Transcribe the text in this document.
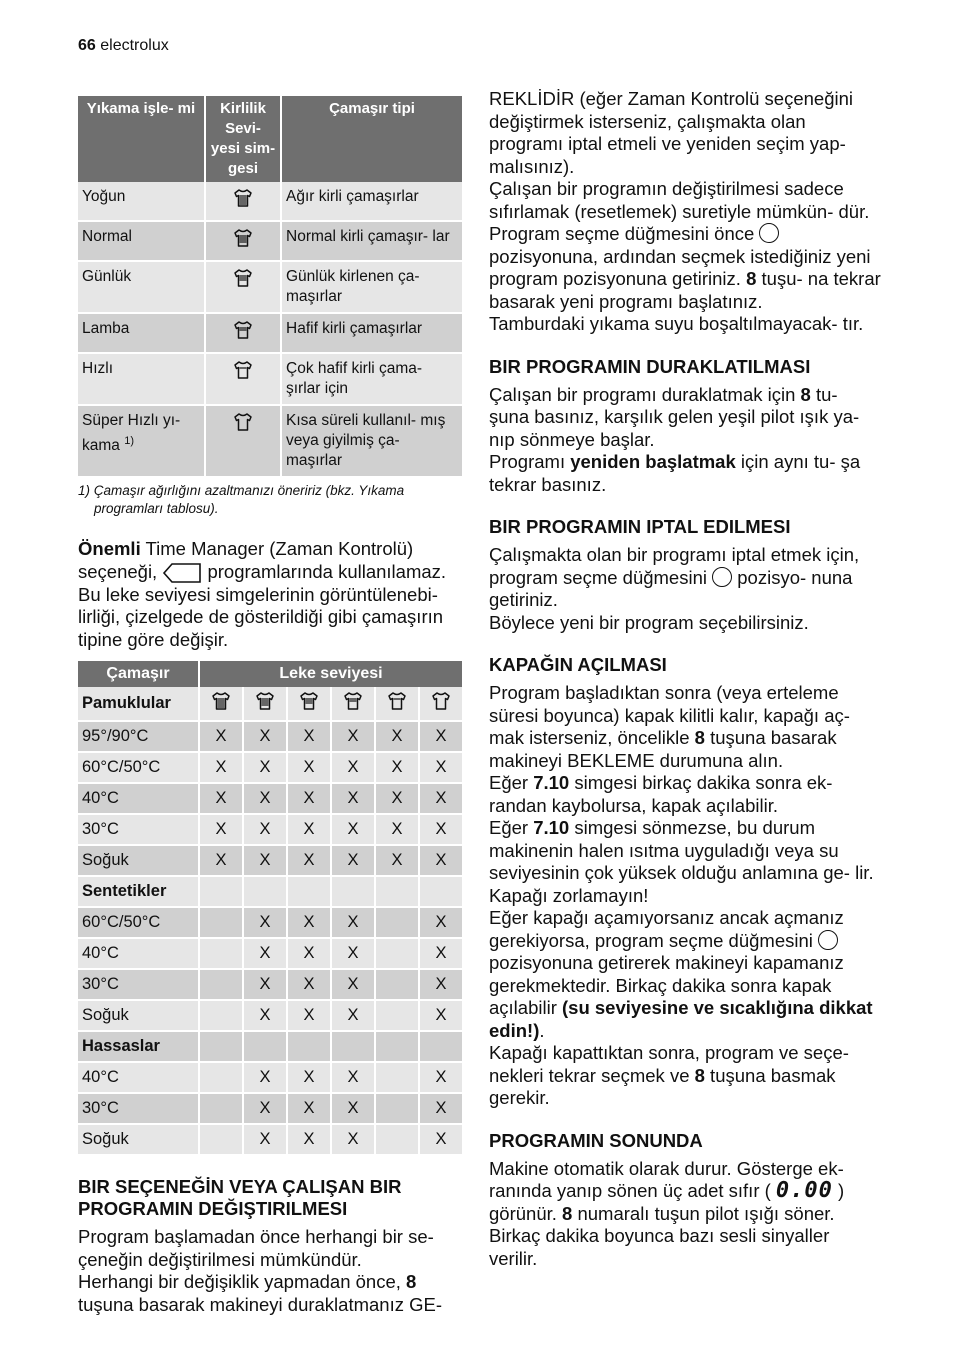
66 electrolux
Yıkama işle- mi	Kirlilik Sevi- yesi sim- gesi	Çamaşır tipi
Yoğun		Ağır kirli çamaşırlar
Normal		Normal kirli çamaşır- lar
Günlük		Günlük kirlenen ça- maşırlar
Lamba		Hafif kirli çamaşırlar
Hızlı		Çok hafif kirli çama- şırlar için
Süper Hızlı yı- kama $^{1)}$		Kısa süreli kullanıl- mış veya giyilmiş ça- maşırlar
1) Çamaşır ağırlığını azaltmanızı öneririz (bkz. Yıkama programları tablosu).

Önemli Time Manager (Zaman Kontrolü) seçeneği,  programlarında kullanılamaz. Bu leke seviyesi simgelerinin görüntülenebi- lirliği, çizelgede de gösterildiği gibi çamaşırın tipine göre değişir.

Çamaşır	Leke seviyesi					
Pamuklular						
95°/90°C	X	X	X	X	X	X
60°C/50°C	X	X	X	X	X	X
40°C	X	X	X	X	X	X
30°C	X	X	X	X	X	X
Soğuk	X	X	X	X	X	X
Sentetikler						
60°C/50°C		X	X	X		X
40°C		X	X	X		X
30°C		X	X	X		X
Soğuk		X	X	X		X
Hassaslar						
40°C		X	X	X		X
30°C		X	X	X		X
Soğuk		X	X	X		X
BIR SEÇENEĞİN VEYA ÇALIŞAN BIR PROGRAMIN DEĞIŞTIRILMESI

Program başlamadan önce herhangi bir se- çeneğin değiştirilmesi mümkündür.

Herhangi bir değişiklik yapmadan önce, 8 tuşuna basarak makineyi duraklatmanız GE-

REKLİDİR (eğer Zaman Kontrolü seçeneğini değiştirmek isterseniz, çalışmakta olan programı iptal etmeli ve yeniden seçim yap- malısınız).

Çalışan bir programın değiştirilmesi sadece sıfırlamak (resetlemek) suretiyle mümkün- dür. Program seçme düğmesini önce  pozisyonuna, ardından seçmek istediğiniz yeni program pozisyonuna getiriniz. 8 tuşu- na tekrar basarak yeni programı başlatınız.

Tamburdaki yıkama suyu boşaltılmayacak- tır.

BIR PROGRAMIN DURAKLATILMASI

Çalışan bir programı duraklatmak için 8 tu- şuna basınız, karşılık gelen yeşil pilot ışık ya- nıp sönmeye başlar.

Programı yeniden başlatmak için aynı tu- şa tekrar basınız.

BIR PROGRAMIN IPTAL EDILMESI

Çalışmakta olan bir programı iptal etmek için, program seçme düğmesini  pozisyo- nuna getiriniz.

Böylece yeni bir program seçebilirsiniz.

KAPAĞIN AÇILMASI

Program başladıktan sonra (veya erteleme süresi boyunca) kapak kilitli kalır, kapağı aç- mak isterseniz, öncelikle 8 tuşuna basarak makineyi BEKLEME durumuna alın.

Eğer 7.10 simgesi birkaç dakika sonra ek- randan kaybolursa, kapak açılabilir.

Eğer 7.10 simgesi sönmezse, bu durum makinenin halen ısıtma uyguladığı veya su seviyesinin çok yüksek olduğu anlamına ge- lir. Kapağı zorlamayın!

Eğer kapağı açamıyorsanız ancak açmanız gerekiyorsa, program seçme düğmesini  pozisyonuna getirerek makineyi kapamanız gerekmektedir. Birkaç dakika sonra kapak açılabilir (su seviyesine ve sıcaklığına dikkat edin!).

Kapağı kapattıktan sonra, program ve seçe- nekleri tekrar seçmek ve 8 tuşuna basmak gerekir.

PROGRAMIN SONUNDA

Makine otomatik olarak durur. Gösterge ek- ranında yanıp sönen üç adet sıfır ( 0.00 ) görünür. 8 numaralı tuşun pilot ışığı söner.

Birkaç dakika boyunca bazı sesli sinyaller verilir.
